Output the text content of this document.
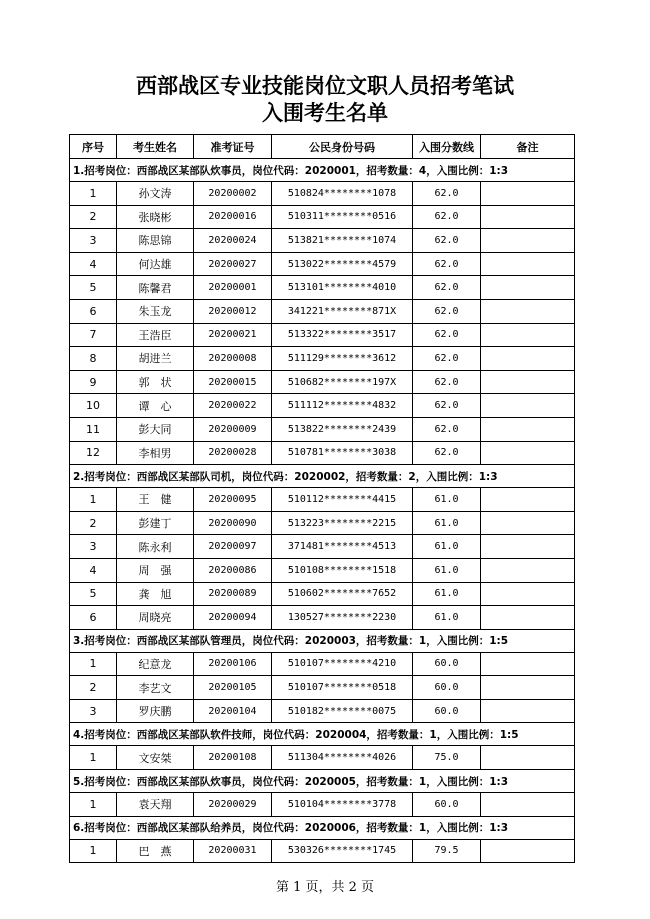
西部战区专业技能岗位文职人员招考笔试
入围考生名单
序号	考生姓名	准考证号	公民身份号码	入围分数线	备注
1.招考岗位：西部战区某部队炊事员，岗位代码：2020001，招考数量：4，入围比例：1:3					
1	孙文涛	20200002	510824********1078	62.0	
2	张晓彬	20200016	510311********0516	62.0	
3	陈思锦	20200024	513821********1074	62.0	
4	何达雄	20200027	513022********4579	62.0	
5	陈馨君	20200001	513101********4010	62.0	
6	朱玉龙	20200012	341221********871X	62.0	
7	王浩臣	20200021	513322********3517	62.0	
8	胡进兰	20200008	511129********3612	62.0	
9	郭　状	20200015	510682********197X	62.0	
10	谭　心	20200022	511112********4832	62.0	
11	彭大同	20200009	513822********2439	62.0	
12	李相男	20200028	510781********3038	62.0	
2.招考岗位：西部战区某部队司机，岗位代码：2020002，招考数量：2，入围比例：1:3					
1	王　健	20200095	510112********4415	61.0	
2	彭建丁	20200090	513223********2215	61.0	
3	陈永利	20200097	371481********4513	61.0	
4	周　强	20200086	510108********1518	61.0	
5	龚　旭	20200089	510602********7652	61.0	
6	周晓亮	20200094	130527********2230	61.0	
3.招考岗位：西部战区某部队管理员，岗位代码：2020003，招考数量：1，入围比例：1:5					
1	纪意龙	20200106	510107********4210	60.0	
2	李艺文	20200105	510107********0518	60.0	
3	罗庆鹏	20200104	510182********0075	60.0	
4.招考岗位：西部战区某部队软件技师，岗位代码：2020004，招考数量：1，入围比例：1:5					
1	文安桀	20200108	511304********4026	75.0	
5.招考岗位：西部战区某部队炊事员，岗位代码：2020005，招考数量：1，入围比例：1:3					
1	袁天翔	20200029	510104********3778	60.0	
6.招考岗位：西部战区某部队给养员，岗位代码：2020006，招考数量：1，入围比例：1:3					
1	巴　燕	20200031	530326********1745	79.5	
第 1 页，共 2 页
